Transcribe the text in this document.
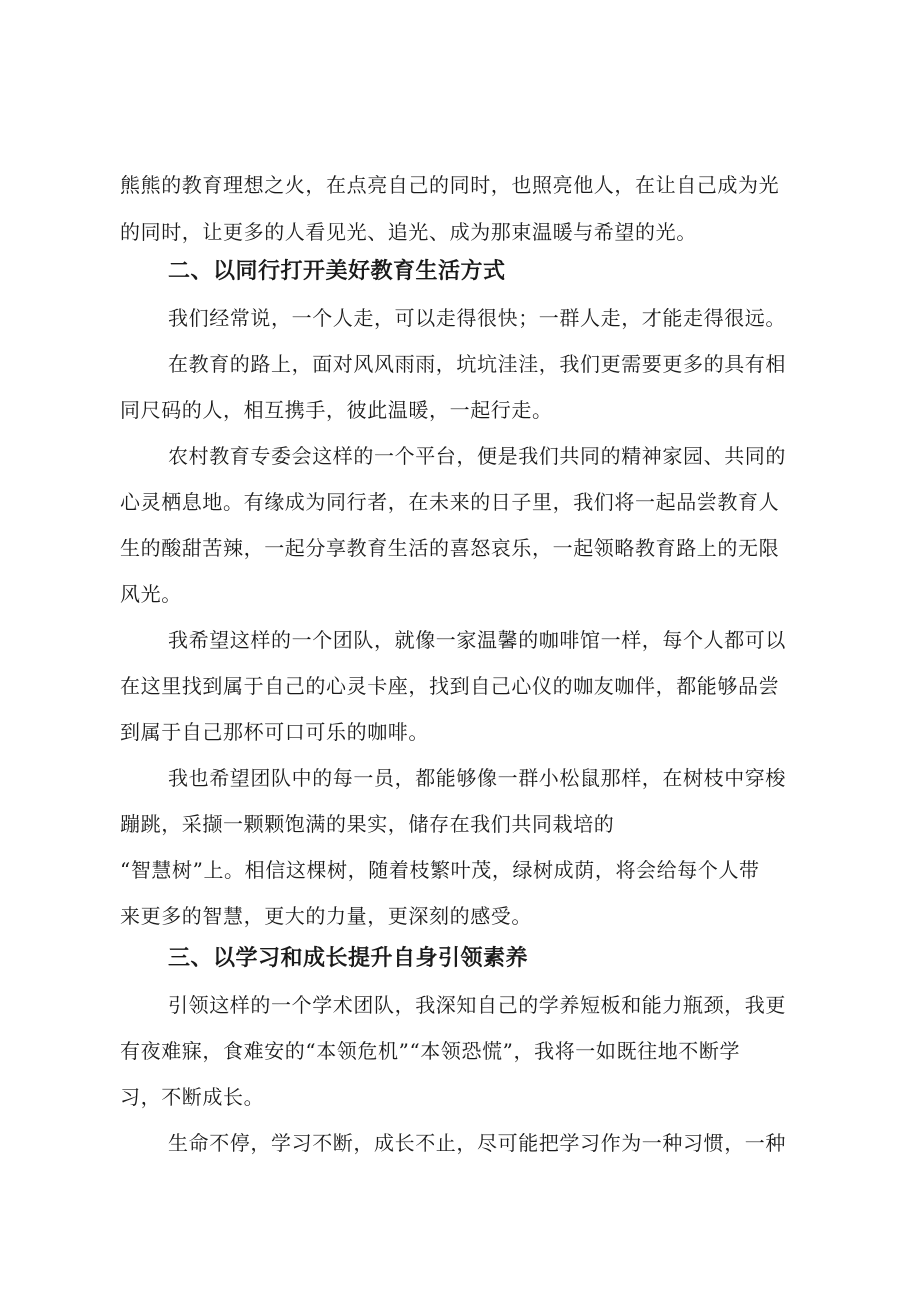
熊熊的教育理想之火，在点亮自己的同时，也照亮他人，在让自己成为光
的同时，让更多的人看见光、追光、成为那束温暖与希望的光。
二、以同行打开美好教育生活方式
我们经常说，一个人走，可以走得很快；一群人走，才能走得很远。
在教育的路上，面对风风雨雨，坑坑洼洼，我们更需要更多的具有相
同尺码的人，相互携手，彼此温暖，一起行走。
农村教育专委会这样的一个平台，便是我们共同的精神家园、共同的
心灵栖息地。有缘成为同行者，在未来的日子里，我们将一起品尝教育人
生的酸甜苦辣，一起分享教育生活的喜怒哀乐，一起领略教育路上的无限
风光。
我希望这样的一个团队，就像一家温馨的咖啡馆一样，每个人都可以
在这里找到属于自己的心灵卡座，找到自己心仪的咖友咖伴，都能够品尝
到属于自己那杯可口可乐的咖啡。
我也希望团队中的每一员，都能够像一群小松鼠那样，在树枝中穿梭
蹦跳，采撷一颗颗饱满的果实，储存在我们共同栽培的
“智慧树”上。相信这棵树，随着枝繁叶茂，绿树成荫，将会给每个人带
来更多的智慧，更大的力量，更深刻的感受。
三、以学习和成长提升自身引领素养
引领这样的一个学术团队，我深知自己的学养短板和能力瓶颈，我更
有夜难寐，食难安的“本领危机”“本领恐慌”，我将一如既往地不断学
习，不断成长。
生命不停，学习不断，成长不止，尽可能把学习作为一种习惯，一种
